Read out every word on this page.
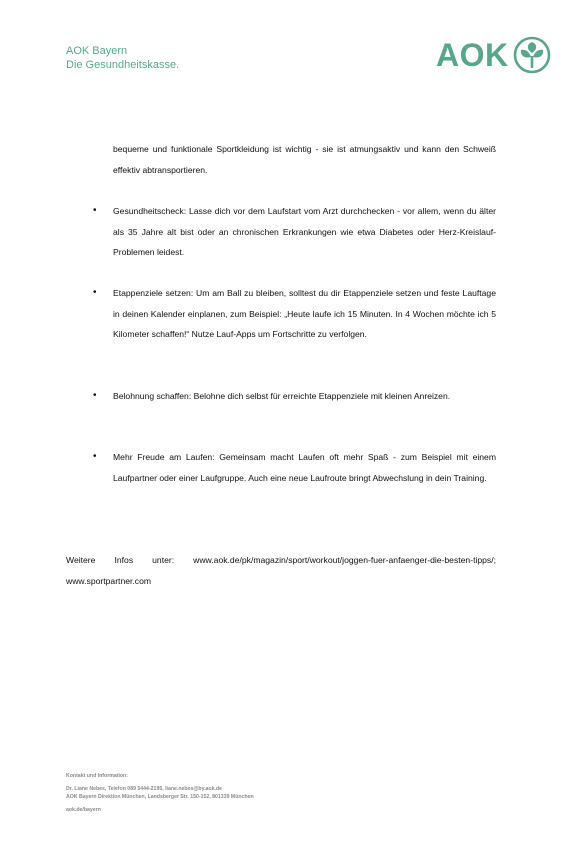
AOK Bayern
Die Gesundheitskasse.	AOK
bequeme und funktionale Sportkleidung ist wichtig - sie ist atmungsaktiv und kann den Schweiß effektiv abtransportieren.
• Gesundheitscheck: Lasse dich vor dem Laufstart vom Arzt durchchecken - vor allem, wenn du älter als 35 Jahre alt bist oder an chronischen Erkrankungen wie etwa Diabetes oder Herz-Kreislauf-Problemen leidest.
• Etappenziele setzen: Um am Ball zu bleiben, solltest du dir Etappenziele setzen und feste Lauftage in deinen Kalender einplanen, zum Beispiel: „Heute laufe ich 15 Minuten. In 4 Wochen möchte ich 5 Kilometer schaffen!“ Nutze Lauf-Apps um Fortschritte zu verfolgen.
• Belohnung schaffen: Belohne dich selbst für erreichte Etappenziele mit kleinen Anreizen.
• Mehr Freude am Laufen: Gemeinsam macht Laufen oft mehr Spaß - zum Beispiel mit einem Laufpartner oder einer Laufgruppe. Auch eine neue Laufroute bringt Abwechslung in dein Training.
Weitere Infos unter: www.aok.de/pk/magazin/sport/workout/joggen-fuer-anfaenger-die-besten-tipps/; www.sportpartner.com
Kontakt und Information:
Dr. Liane Nebes, Telefon 089 5444-2195, liane.nebes@by.aok.de
AOK Bayern Direktion München, Landsberger Str. 150-152, 801339 München
aok.de/bayern
